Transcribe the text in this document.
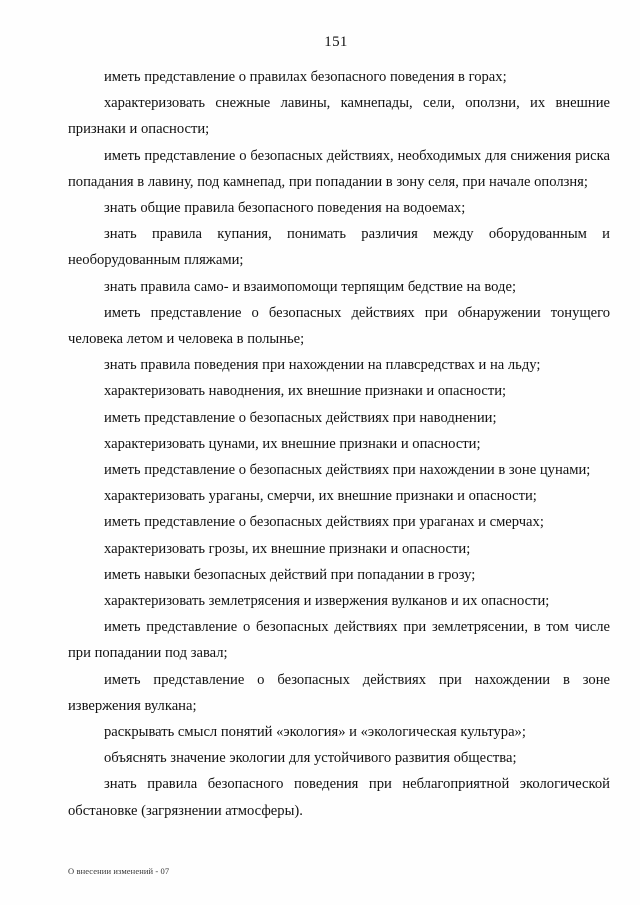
151

иметь представление о правилах безопасного поведения в горах;

характеризовать снежные лавины, камнепады, сели, оползни, их внешние признаки и опасности;

иметь представление о безопасных действиях, необходимых для снижения риска попадания в лавину, под камнепад, при попадании в зону селя, при начале оползня;

знать общие правила безопасного поведения на водоемах;

знать правила купания, понимать различия между оборудованным и необорудованным пляжами;

знать правила само- и взаимопомощи терпящим бедствие на воде;

иметь представление о безопасных действиях при обнаружении тонущего человека летом и человека в полынье;

знать правила поведения при нахождении на плавсредствах и на льду;

характеризовать наводнения, их внешние признаки и опасности;

иметь представление о безопасных действиях при наводнении;

характеризовать цунами, их внешние признаки и опасности;

иметь представление о безопасных действиях при нахождении в зоне цунами;

характеризовать ураганы, смерчи, их внешние признаки и опасности;

иметь представление о безопасных действиях при ураганах и смерчах;

характеризовать грозы, их внешние признаки и опасности;

иметь навыки безопасных действий при попадании в грозу;

характеризовать землетрясения и извержения вулканов и их опасности;

иметь представление о безопасных действиях при землетрясении, в том числе при попадании под завал;

иметь представление о безопасных действиях при нахождении в зоне извержения вулкана;

раскрывать смысл понятий «экология» и «экологическая культура»;

объяснять значение экологии для устойчивого развития общества;

знать правила безопасного поведения при неблагоприятной экологической обстановке (загрязнении атмосферы).

О внесении изменений - 07
